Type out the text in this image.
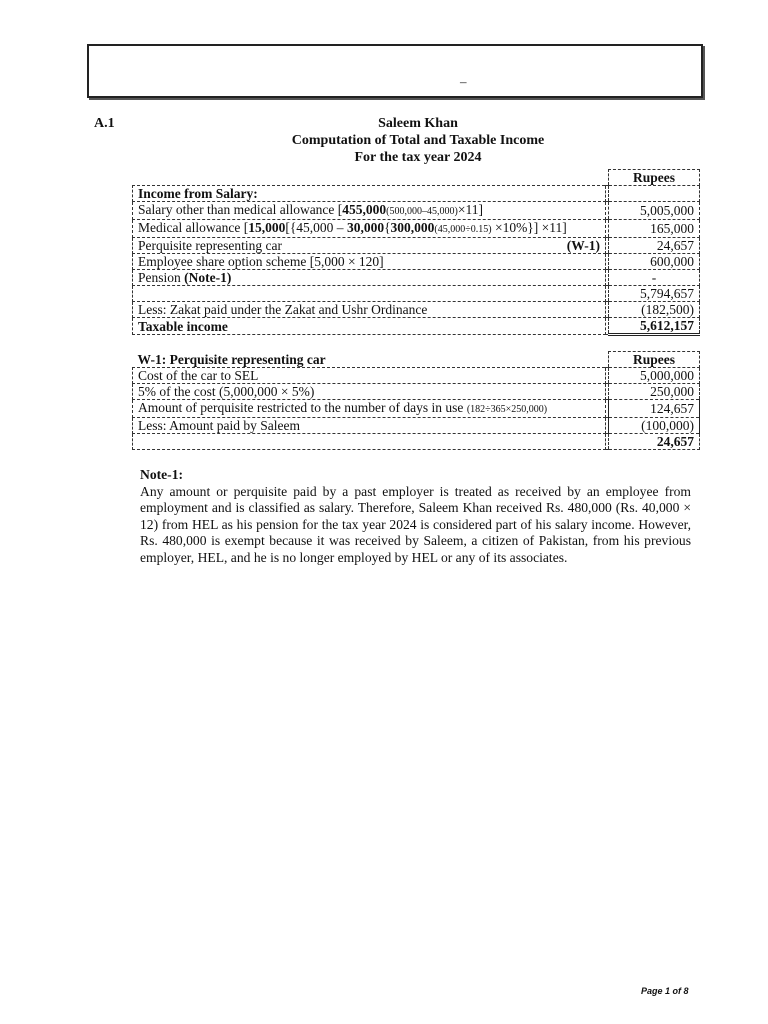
–
A.1	Saleem Khan
Computation of Total and Taxable Income
For the tax year 2024
		Rupees
Income from Salary:		
Salary other than medical allowance [455,000(500,000–45,000)×11]		5,005,000
Medical allowance [15,000[{45,000 – 30,000{300,000(45,000÷0.15) ×10%}] ×11]		165,000
Perquisite representing car (W-1)		24,657
Employee share option scheme [5,000 × 120]		600,000
Pension (Note-1)		-
		5,794,657
Less: Zakat paid under the Zakat and Ushr Ordinance		(182,500)
Taxable income		5,612,157
W-1: Perquisite representing car		Rupees
Cost of the car to SEL		5,000,000
5% of the cost (5,000,000 × 5%)		250,000
Amount of perquisite restricted to the number of days in use (182÷365×250,000)		124,657
Less: Amount paid by Saleem		(100,000)
		24,657
Note-1:
Any amount or perquisite paid by a past employer is treated as received by an employee from employment and is classified as salary. Therefore, Saleem Khan received Rs. 480,000 (Rs. 40,000 × 12) from HEL as his pension for the tax year 2024 is considered part of his salary income. However, Rs. 480,000 is exempt because it was received by Saleem, a citizen of Pakistan, from his previous employer, HEL, and he is no longer employed by HEL or any of its associates.
Page 1 of 8
